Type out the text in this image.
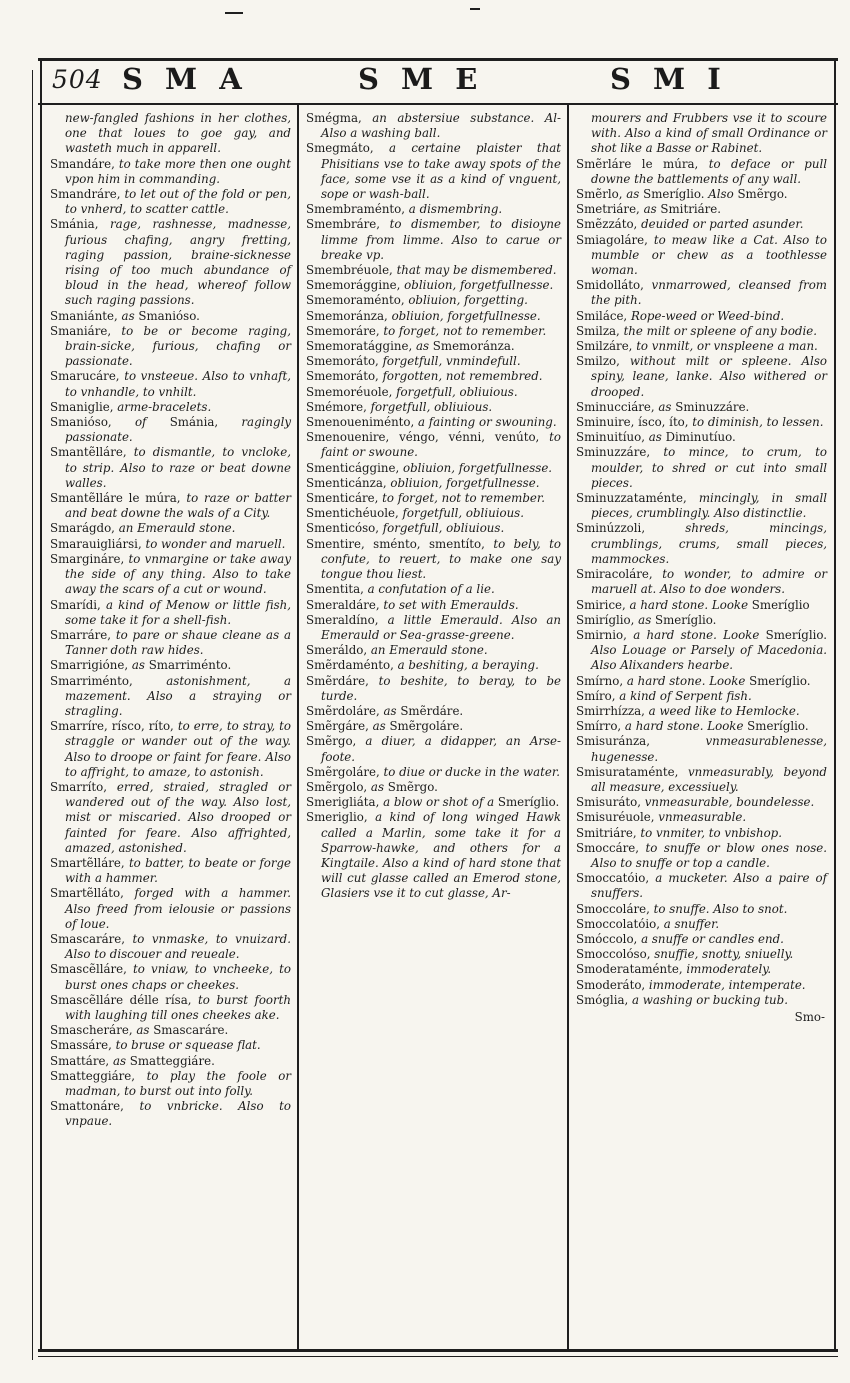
504 S M A	S M E	S M I

new-fangled fashions in her clothes, one that loues to goe gay, and wasteth much in apparell.

Smandáre, to take more then one ought vpon him in commanding.

Smandráre, to let out of the fold or pen, to vnherd, to scatter cattle.

Smánia, rage, rashnesse, madnesse, furious chafing, angry fretting, raging passion, braine-sicknesse rising of too much abundance of bloud in the head, whereof follow such raging passions.

Smaniánte, as Smanióso.

Smaniáre, to be or become raging, brain-sicke, furious, chafing or passionate.

Smarucáre, to vnsteeue. Also to vnhaft, to vnhandle, to vnhilt.

Smaniglie, arme-bracelets.

Smanióso, of Smánia, ragingly passionate.

Smantẽlláre, to dismantle, to vncloke, to strip. Also to raze or beat downe walles.

Smantẽlláre le múra, to raze or batter and beat downe the wals of a City.

Smarágdo, an Emerauld stone.

Smarauigliársi, to wonder and maruell.

Smargináre, to vnmargine or take away the side of any thing. Also to take away the scars of a cut or wound.

Smarídi, a kind of Menow or little fish, some take it for a shell-fish.

Smarráre, to pare or shaue cleane as a Tanner doth raw hides.

Smarrigióne, as Smarriménto.

Smarriménto, astonishment, a mazement. Also a straying or stragling.

Smarríre, rísco, ríto, to erre, to stray, to straggle or wander out of the way. Also to droope or faint for feare. Also to affright, to amaze, to astonish.

Smarríto, erred, straied, stragled or wandered out of the way. Also lost, mist or miscaried. Also drooped or fainted for feare. Also affrighted, amazed, astonished.

Smartẽlláre, to batter, to beate or forge with a hammer.

Smartẽlláto, forged with a hammer. Also freed from ielousie or passions of loue.

Smascaráre, to vnmaske, to vnuizard. Also to discouer and reueale.

Smascẽlláre, to vniaw, to vncheeke, to burst ones chaps or cheekes.

Smascẽlláre délle rísa, to burst foorth with laughing till ones cheekes ake.

Smascheráre, as Smascaráre.

Smassáre, to bruse or squease flat.

Smattáre, as Smatteggiáre.

Smatteggiáre, to play the foole or madman, to burst out into folly.

Smattonáre, to vnbricke. Also to vnpaue.

Smégma, an abstersiue substance. Al- Also a washing ball.

Smegmáto, a certaine plaister that Phisitians vse to take away spots of the face, some vse it as a kind of vnguent, sope or wash-ball.

Smembraménto, a dismembring.

Smembráre, to dismember, to disioyne limme from limme. Also to carue or breake vp.

Smembréuole, that may be dismembered.

Smemorággine, obliuion, forgetfullnesse.

Smemoraménto, obliuion, forgetting.

Smemoránza, obliuion, forgetfullnesse.

Smemoráre, to forget, not to remember.

Smemoratággine, as Smemoránza.

Smemoráto, forgetfull, vnmindefull.

Smemoráto, forgotten, not remembred.

Smemoréuole, forgetfull, obliuious.

Smémore, forgetfull, obliuious.

Smenoueniménto, a fainting or swouning.

Smenouenire, véngo, vénni, venúto, to faint or swoune.

Smenticággine, obliuion, forgetfullnesse.

Smenticánza, obliuion, forgetfullnesse.

Smenticáre, to forget, not to remember.

Smentichéuole, forgetfull, obliuious.

Smenticóso, forgetfull, obliuious.

Smentire, sménto, smentíto, to bely, to confute, to reuert, to make one say tongue thou liest.

Smentita, a confutation of a lie.

Smeraldáre, to set with Emeraulds.

Smeraldíno, a little Emerauld. Also an Emerauld or Sea-grasse-greene.

Smeráldo, an Emerauld stone.

Smẽrdaménto, a beshiting, a beraying.

Smẽrdáre, to beshite, to beray, to be turde.

Smẽrdoláre, as Smẽrdáre.

Smẽrgáre, as Smẽrgoláre.

Smẽrgo, a diuer, a didapper, an Arse-foote.

Smẽrgoláre, to diue or ducke in the water.

Smẽrgolo, as Smẽrgo.

Smerigliáta, a blow or shot of a Smeríglio.

Smeriglio, a kind of long winged Hawk called a Marlin, some take it for a Sparrow-hawke, and others for a Kingtaile. Also a kind of hard stone that will cut glasse called an Emerod stone, Glasiers vse it to cut glasse, Ar-

mourers and Frubbers vse it to scoure with. Also a kind of small Ordinance or shot like a Basse or Rabinet.

Smẽrláre le múra, to deface or pull downe the battlements of any wall.

Smẽrlo, as Smeríglio. Also Smẽrgo.

Smetriáre, as Smitriáre.

Smẽzzáto, deuided or parted asunder.

Smiagoláre, to meaw like a Cat. Also to mumble or chew as a toothlesse woman.

Smidolláto, vnmarrowed, cleansed from the pith.

Smiláce, Rope-weed or Weed-bind.

Smilza, the milt or spleene of any bodie.

Smilzáre, to vnmilt, or vnspleene a man.

Smilzo, without milt or spleene. Also spiny, leane, lanke. Also withered or drooped.

Sminucciáre, as Sminuzzáre.

Sminuire, ísco, íto, to diminish, to lessen.

Sminuitíuo, as Diminutíuo.

Sminuzzáre, to mince, to crum, to moulder, to shred or cut into small pieces.

Sminuzzataménte, mincingly, in small pieces, crumblingly. Also distinctlie.

Sminúzzoli, shreds, mincings, crumblings, crums, small pieces, mammockes.

Smiracoláre, to wonder, to admire or maruell at. Also to doe wonders.

Smirice, a hard stone. Looke Smeríglio

Smiríglio, as Smeríglio.

Smirnio, a hard stone. Looke Smeríglio. Also Louage or Parsely of Macedonia. Also Alixanders hearbe.

Smírno, a hard stone. Looke Smeríglio.

Smíro, a kind of Serpent fish.

Smirrhízza, a weed like to Hemlocke.

Smírro, a hard stone. Looke Smeríglio.

Smisuránza, vnmeasurablenesse, hugenesse.

Smisurataménte, vnmeasurably, beyond all measure, excessiuely.

Smisuráto, vnmeasurable, boundelesse.

Smisuréuole, vnmeasurable.

Smitriáre, to vnmiter, to vnbishop.

Smoccáre, to snuffe or blow ones nose. Also to snuffe or top a candle.

Smoccatóio, a mucketer. Also a paire of snuffers.

Smoccoláre, to snuffe. Also to snot.

Smoccolatóio, a snuffer.

Smóccolo, a snuffe or candles end.

Smoccolóso, snuffie, snotty, sniuelly.

Smoderataménte, immoderately.

Smoderáto, immoderate, intemperate.

Smóglia, a washing or bucking tub.

Smo-
